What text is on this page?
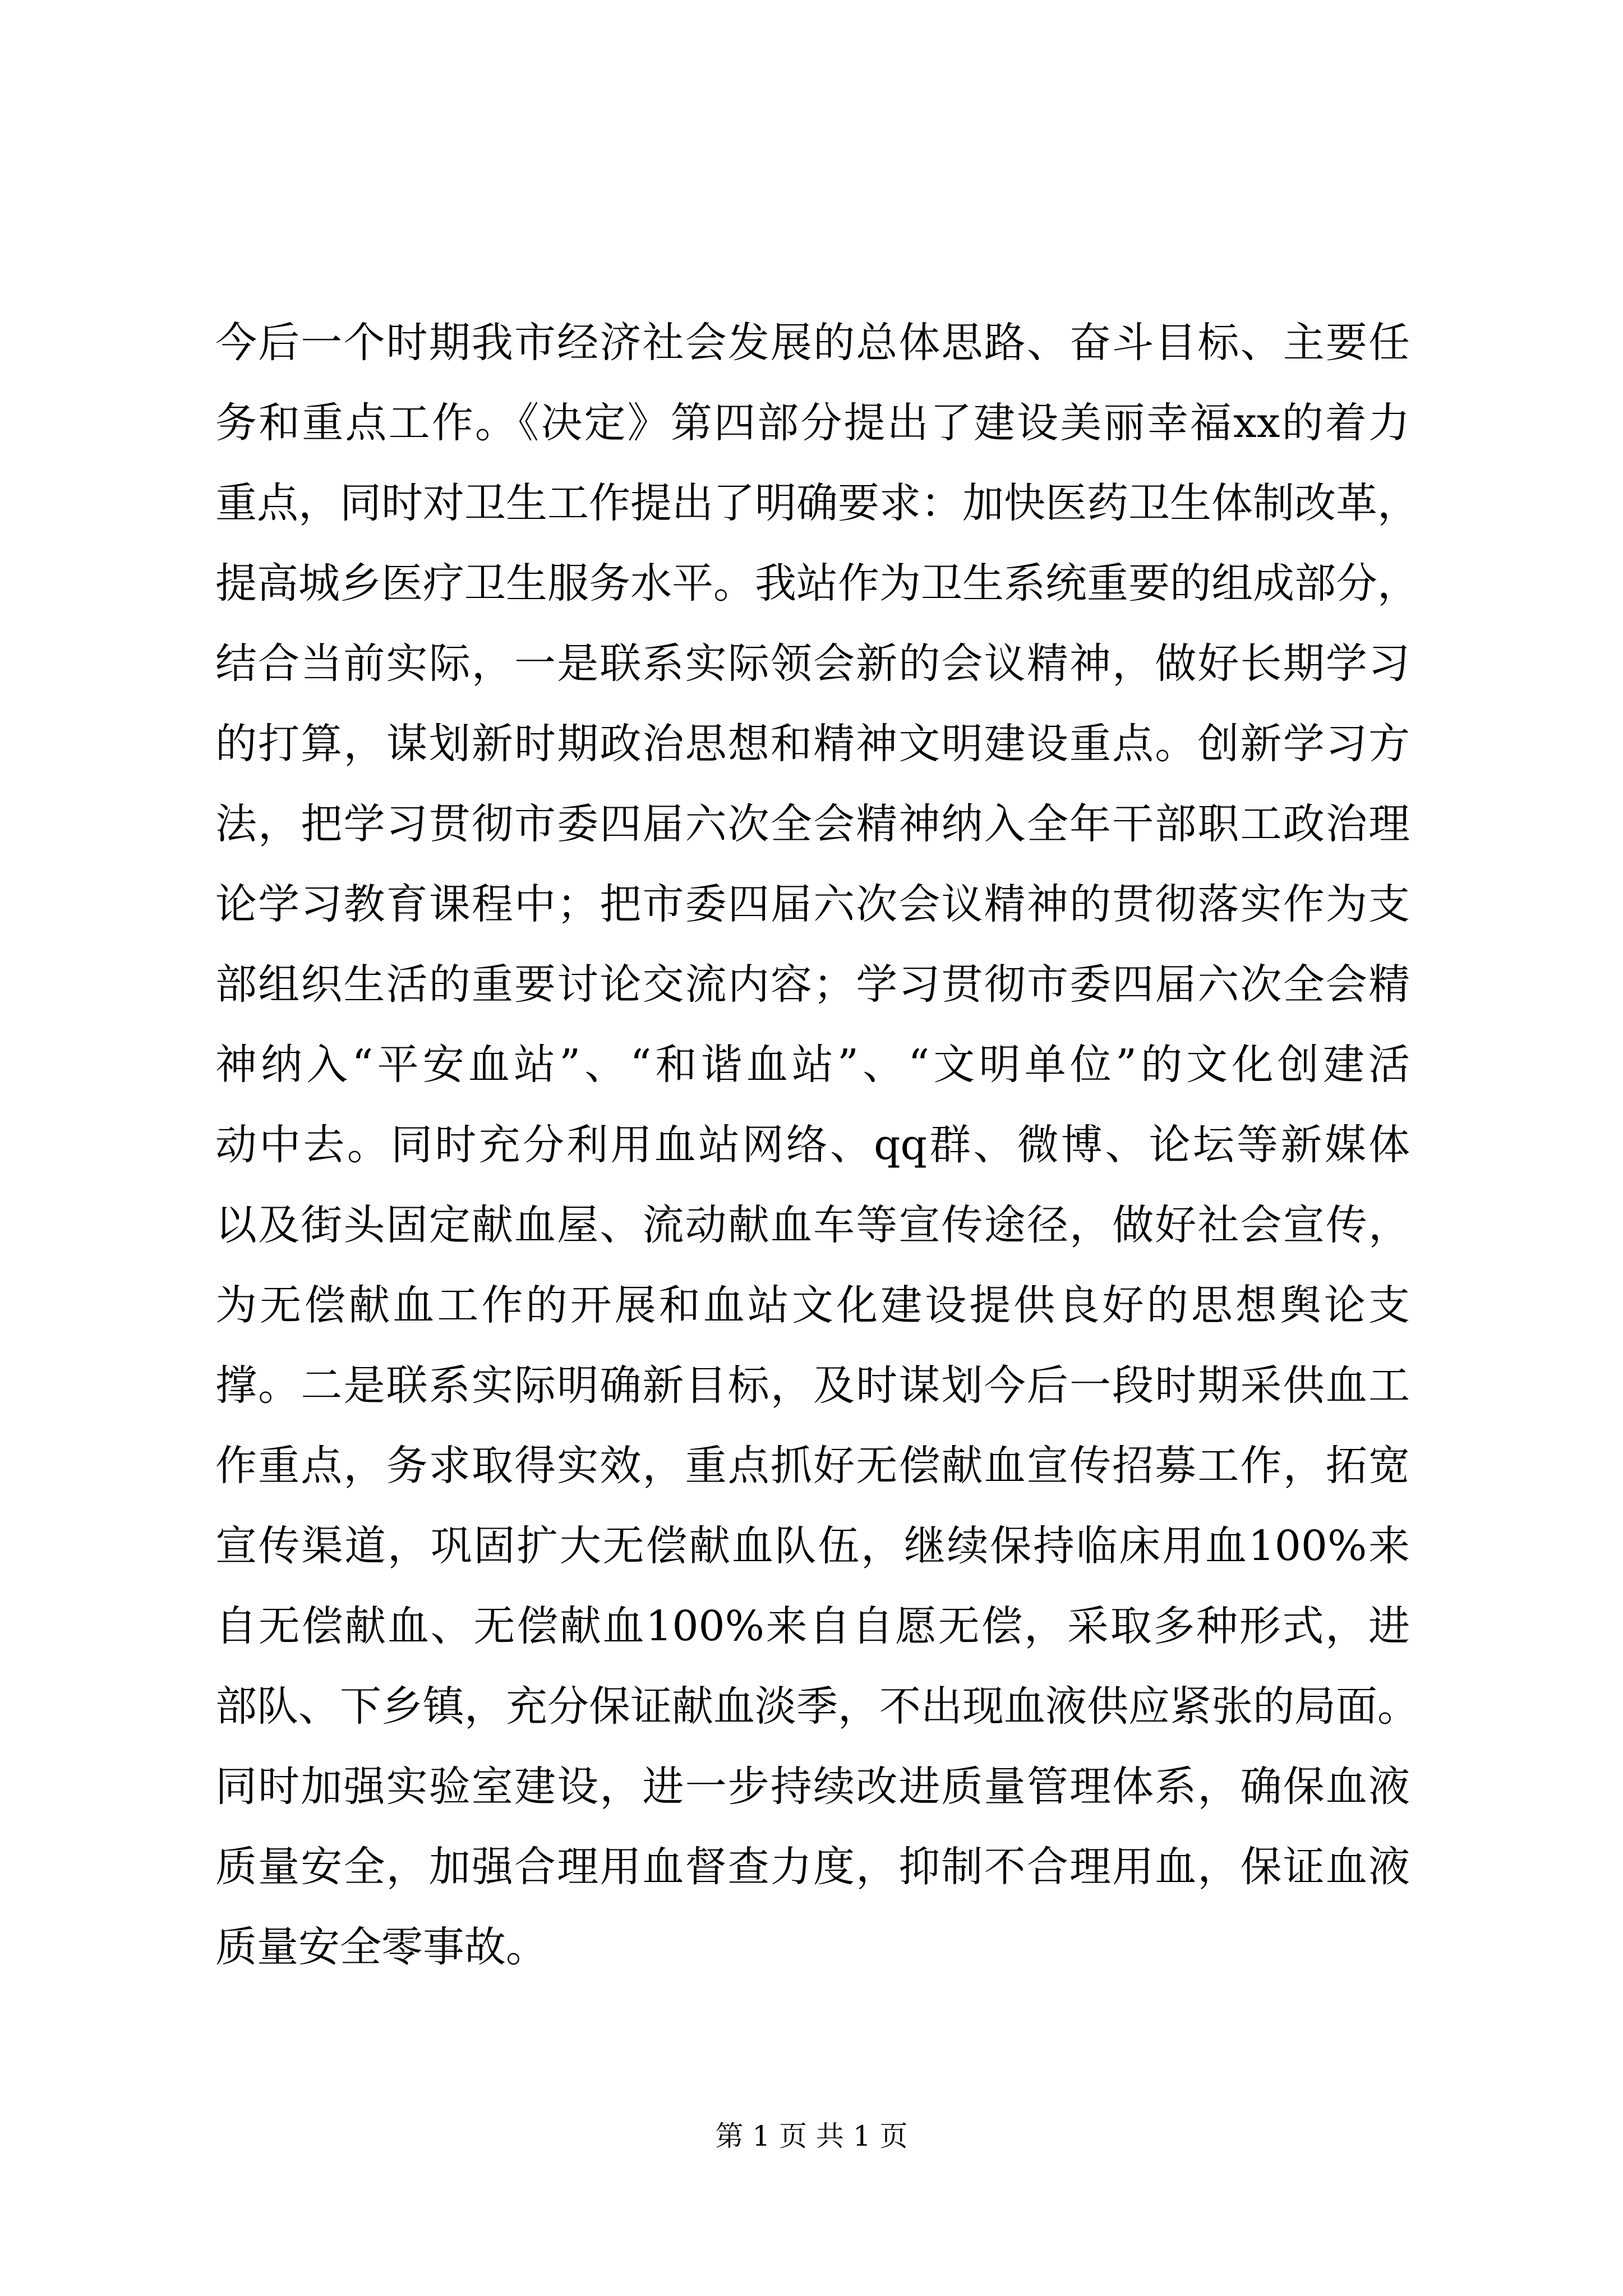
今后一个时期我市经济社会发展的总体思路、奋斗目标、主要任
务和重点工作。《决定》第四部分提出了建设美丽幸福xx的着力
重点，同时对卫生工作提出了明确要求：加快医药卫生体制改革，
提高城乡医疗卫生服务水平。我站作为卫生系统重要的组成部分，
结合当前实际，一是联系实际领会新的会议精神，做好长期学习
的打算，谋划新时期政治思想和精神文明建设重点。创新学习方
法，把学习贯彻市委四届六次全会精神纳入全年干部职工政治理
论学习教育课程中；把市委四届六次会议精神的贯彻落实作为支
部组织生活的重要讨论交流内容；学习贯彻市委四届六次全会精
神纳入“平安血站”、“和谐血站”、“文明单位”的文化创建活
动中去。同时充分利用血站网络、qq群、微博、论坛等新媒体
以及街头固定献血屋、流动献血车等宣传途径，做好社会宣传，
为无偿献血工作的开展和血站文化建设提供良好的思想舆论支
撑。二是联系实际明确新目标，及时谋划今后一段时期采供血工
作重点，务求取得实效，重点抓好无偿献血宣传招募工作，拓宽
宣传渠道，巩固扩大无偿献血队伍，继续保持临床用血100%来
自无偿献血、无偿献血100%来自自愿无偿，采取多种形式，进
部队、下乡镇，充分保证献血淡季，不出现血液供应紧张的局面。
同时加强实验室建设，进一步持续改进质量管理体系，确保血液
质量安全，加强合理用血督查力度，抑制不合理用血，保证血液
质量安全零事故。
第 1 页 共 1 页
